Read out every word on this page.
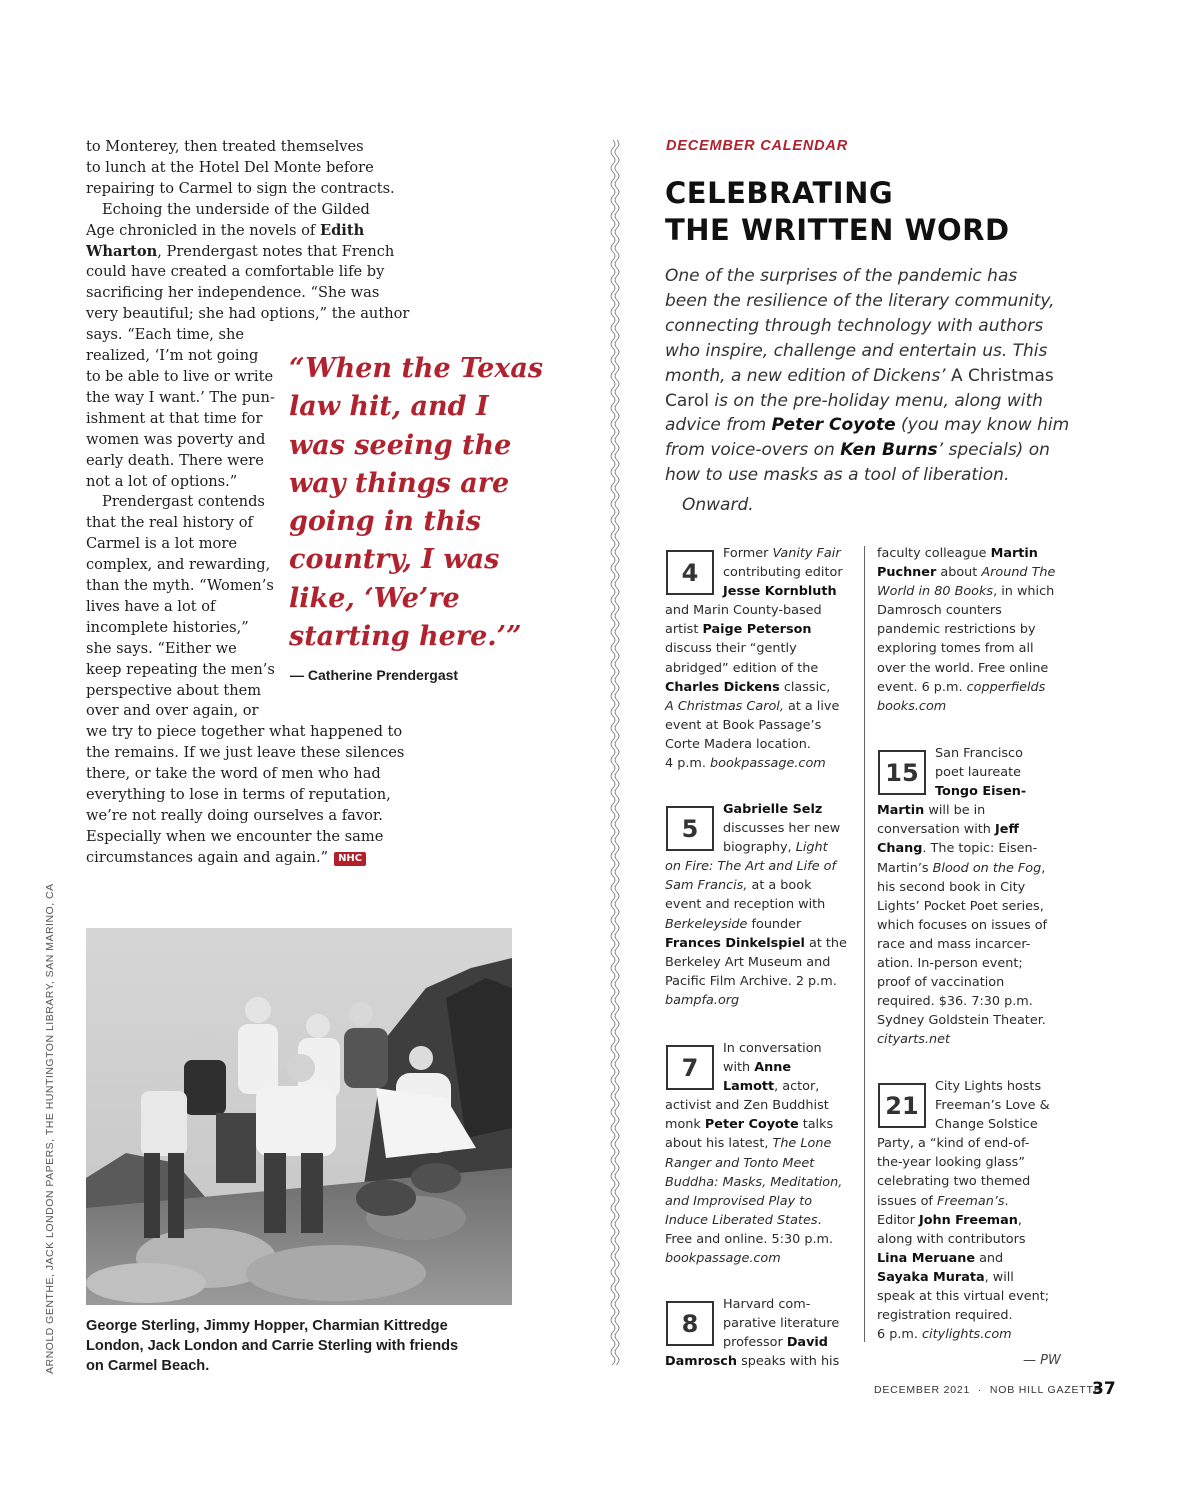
to Monterey, then treated themselves

to lunch at the Hotel Del Monte before

repairing to Carmel to sign the contracts.

Echoing the underside of the Gilded

Age chronicled in the novels of Edith

Wharton, Prendergast notes that French

could have created a comfortable life by

sacrificing her independence. “She was

very beautiful; she had options,” the author

says. “Each time, she

realized, ‘I’m not going

to be able to live or write

the way I want.’ The pun-

ishment at that time for

women was poverty and

early death. There were

not a lot of options.”

Prendergast contends

that the real history of

Carmel is a lot more

complex, and rewarding,

than the myth. “Women’s

lives have a lot of

incomplete histories,”

she says. “Either we

keep repeating the men’s

perspective about them

over and over again, or

we try to piece together what happened to

the remains. If we just leave these silences

there, or take the word of men who had

everything to lose in terms of reputation,

we’re not really doing ourselves a favor.

Especially when we encounter the same

circumstances again and again.” NHC

“When the Texas
law hit, and I
was seeing the
way things are
going in this
country, I was
like, ‘We’re
starting here.’”
— Catherine Prendergast
ARNOLD GENTHE, JACK LONDON PAPERS, THE HUNTINGTON LIBRARY, SAN MARINO, CA George Sterling, Jimmy Hopper, Charmian Kittredge
London, Jack London and Carrie Sterling with friends
on Carmel Beach.
DECEMBER CALENDAR
CELEBRATING
THE WRITTEN WORD
One of the surprises of the pandemic has
been the resilience of the literary community,
connecting through technology with authors
who inspire, challenge and entertain us. This
month, a new edition of Dickens’ A Christmas
Carol is on the pre-holiday menu, along with
advice from Peter Coyote (you may know him
from voice-overs on Ken Burns’ specials) on
how to use masks as a tool of liberation.
Onward.
4
Former Vanity Fair
contributing editor
Jesse Kornbluth
and Marin County-based
artist Paige Peterson
discuss their “gently
abridged” edition of the
Charles Dickens classic,
A Christmas Carol, at a live
event at Book Passage’s
Corte Madera location.
4 p.m. bookpassage.com
5
Gabrielle Selz
discusses her new
biography, Light
on Fire: The Art and Life of
Sam Francis, at a book
event and reception with
Berkeleyside founder
Frances Dinkelspiel at the
Berkeley Art Museum and
Pacific Film Archive. 2 p.m.
bampfa.org
7
In conversation
with Anne
Lamott, actor,
activist and Zen Buddhist
monk Peter Coyote talks
about his latest, The Lone
Ranger and Tonto Meet
Buddha: Masks, Meditation,
and Improvised Play to
Induce Liberated States.
Free and online. 5:30 p.m.
bookpassage.com
8
Harvard com-
parative literature
professor David
Damrosch speaks with his
faculty colleague Martin
Puchner about Around The
World in 80 Books, in which
Damrosch counters
pandemic restrictions by
exploring tomes from all
over the world. Free online
event. 6 p.m. copperfields
books.com
15
San Francisco
poet laureate
Tongo Eisen-
Martin will be in
conversation with Jeff
Chang. The topic: Eisen-
Martin’s Blood on the Fog,
his second book in City
Lights’ Pocket Poet series,
which focuses on issues of
race and mass incarcer-
ation. In-person event;
proof of vaccination
required. $36. 7:30 p.m.
Sydney Goldstein Theater.
cityarts.net
21
City Lights hosts
Freeman’s Love &
Change Solstice
Party, a “kind of end-of-
the-year looking glass”
celebrating two themed
issues of Freeman’s.
Editor John Freeman,
along with contributors
Lina Meruane and
Sayaka Murata, will
speak at this virtual event;
registration required.
6 p.m. citylights.com
— PW
DECEMBER 2021 · NOB HILL GAZETTE
37
